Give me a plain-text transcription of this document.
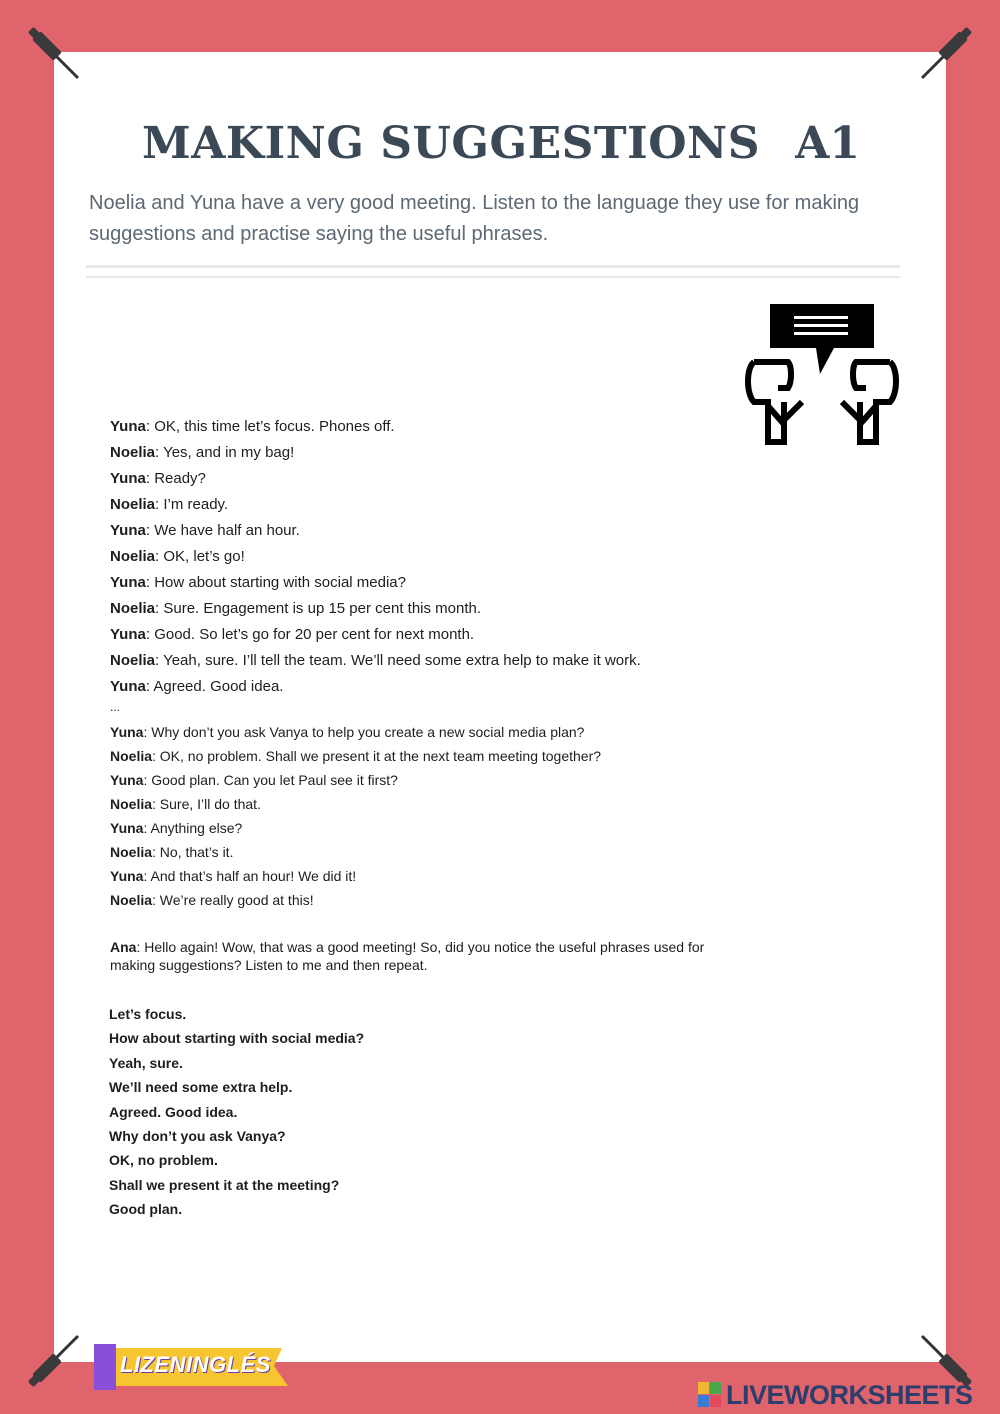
MAKING SUGGESTIONS A1

Noelia and Yuna have a very good meeting. Listen to the language they use for making suggestions and practise saying the useful phrases.

Yuna: OK, this time let’s focus. Phones off.
Noelia: Yes, and in my bag!
Yuna: Ready?
Noelia: I’m ready.
Yuna: We have half an hour.
Noelia: OK, let’s go!
Yuna: How about starting with social media?
Noelia: Sure. Engagement is up 15 per cent this month.
Yuna: Good. So let’s go for 20 per cent for next month.
Noelia: Yeah, sure. I’ll tell the team. We’ll need some extra help to make it work.
Yuna: Agreed. Good idea.
...
Yuna: Why don’t you ask Vanya to help you create a new social media plan?
Noelia: OK, no problem. Shall we present it at the next team meeting together?
Yuna: Good plan. Can you let Paul see it first?
Noelia: Sure, I’ll do that.
Yuna: Anything else?
Noelia: No, that’s it.
Yuna: And that’s half an hour! We did it!
Noelia: We’re really good at this!

Ana: Hello again! Wow, that was a good meeting! So, did you notice the useful phrases used for making suggestions? Listen to me and then repeat.

Let’s focus.
How about starting with social media?
Yeah, sure.
We’ll need some extra help.
Agreed. Good idea.
Why don’t you ask Vanya?
OK, no problem.
Shall we present it at the meeting?
Good plan.
LIZENINGLÉS
LIVEWORKSHEETS
